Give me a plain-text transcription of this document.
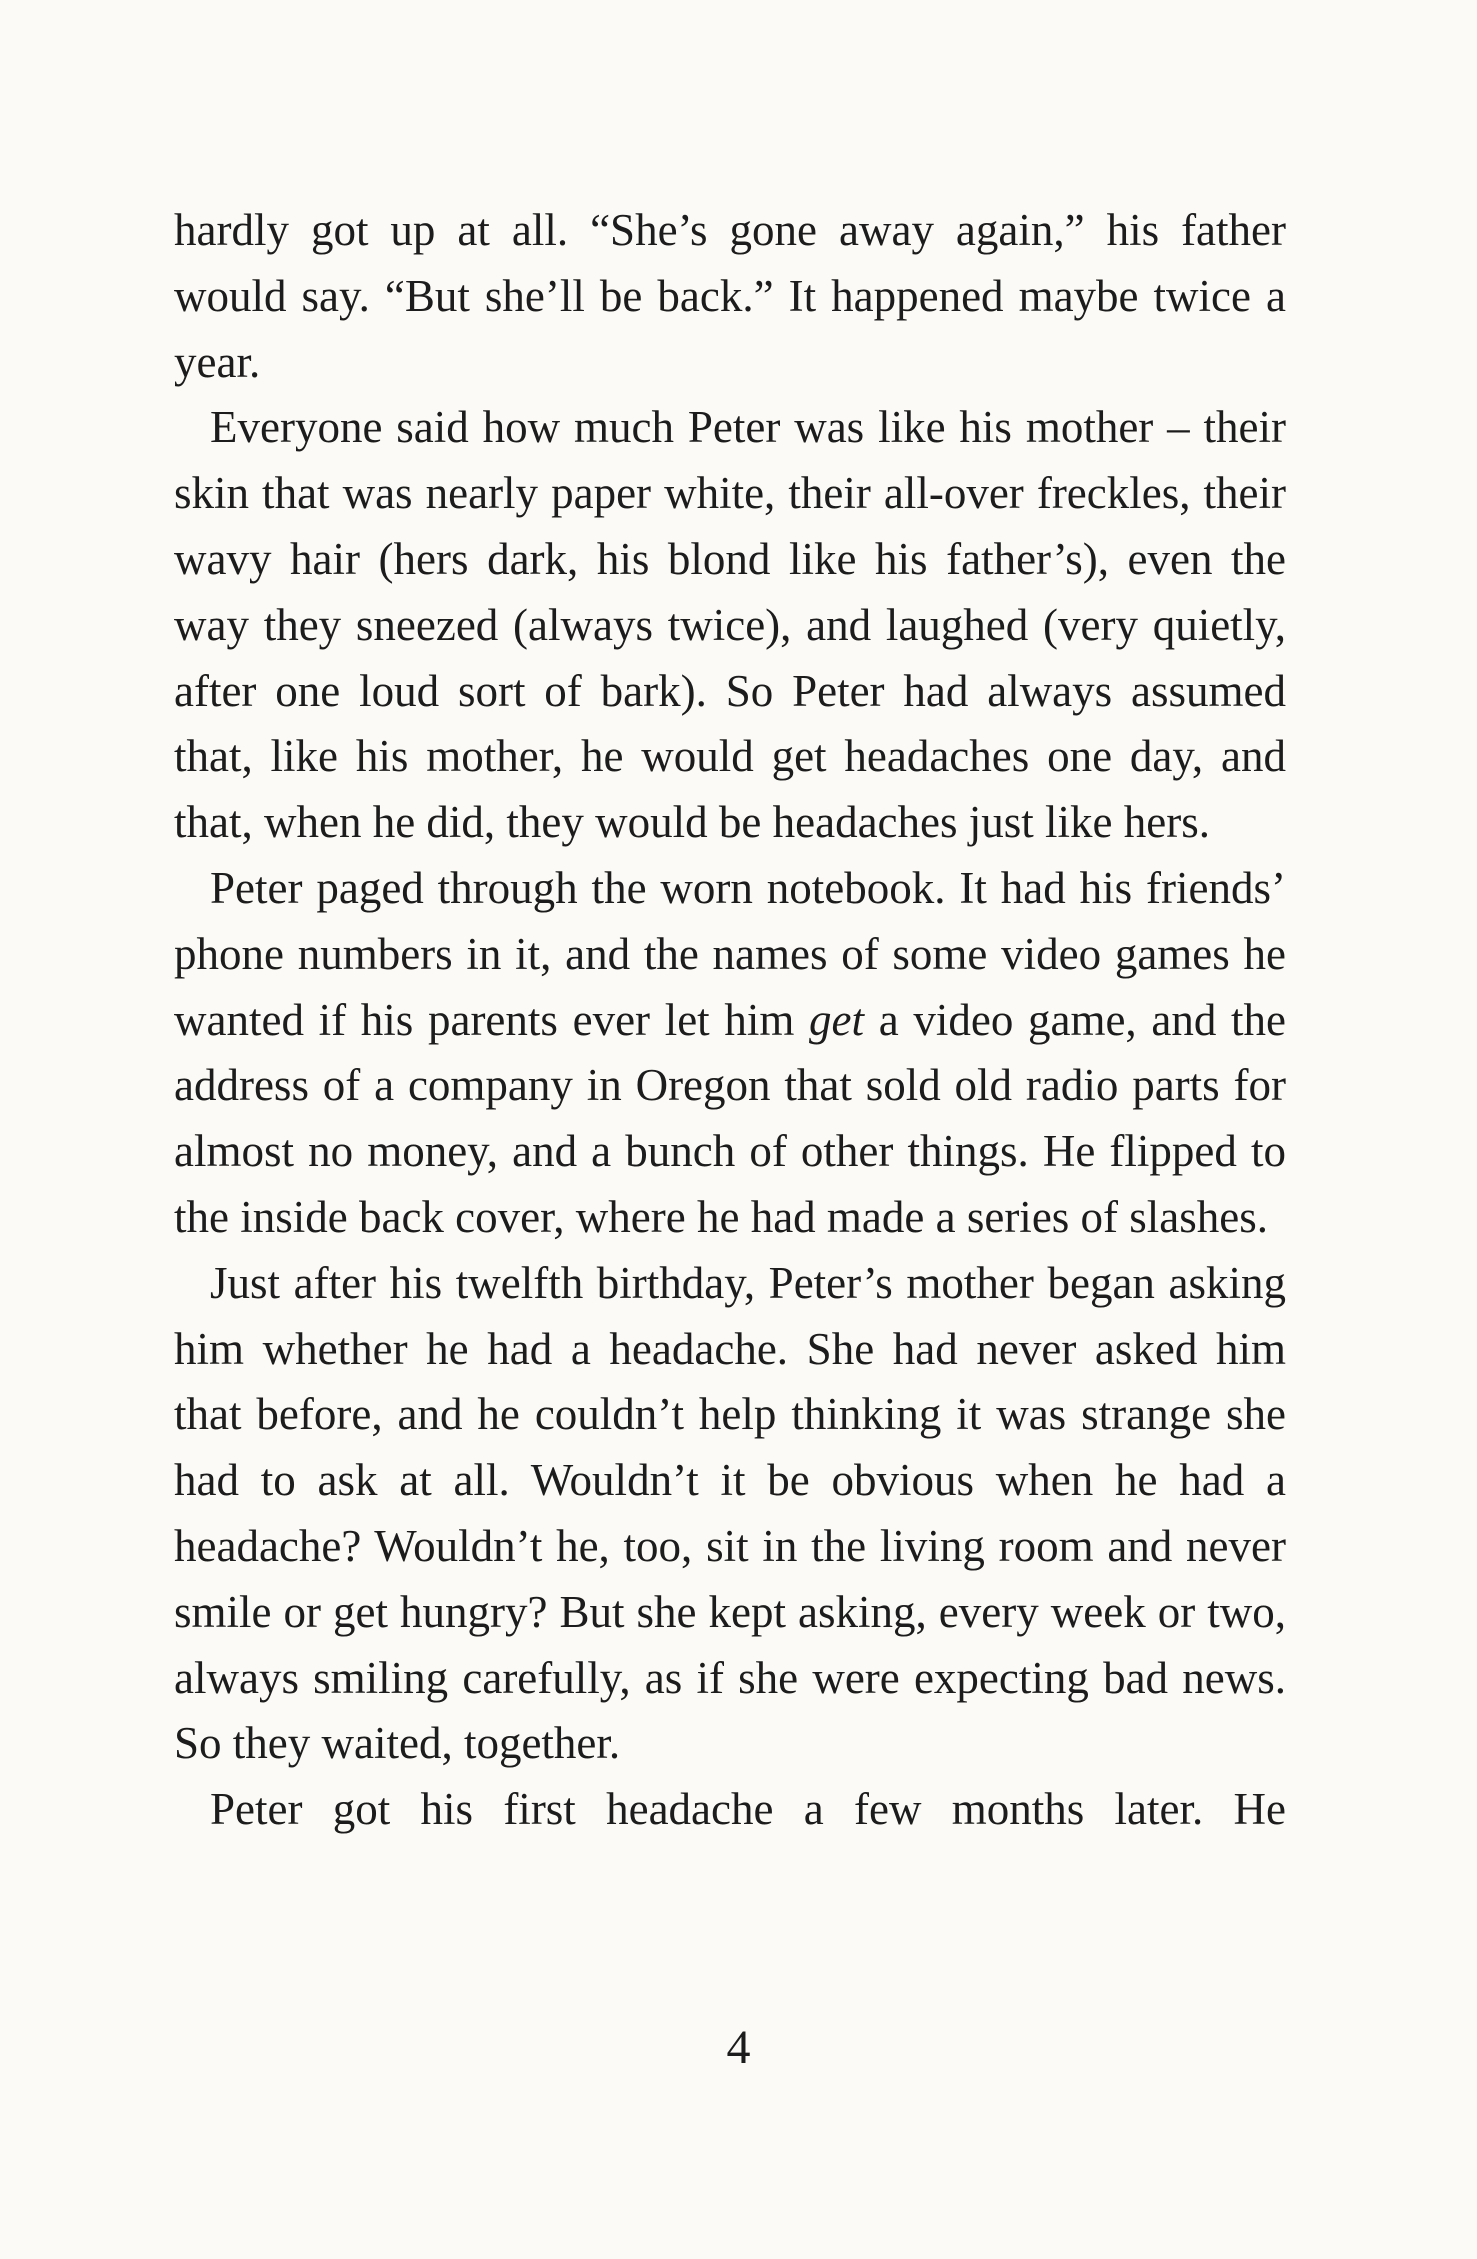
hardly got up at all. “She’s gone away again,” his father would say. “But she’ll be back.” It happened maybe twice a year.

Everyone said how much Peter was like his mother – their skin that was nearly paper white, their all-over freckles, their wavy hair (hers dark, his blond like his father’s), even the way they sneezed (always twice), and laughed (very quietly, after one loud sort of bark). So Peter had always assumed that, like his mother, he would get headaches one day, and that, when he did, they would be headaches just like hers.

Peter paged through the worn notebook. It had his friends’ phone numbers in it, and the names of some video games he wanted if his parents ever let him get a video game, and the address of a company in Oregon that sold old radio parts for almost no money, and a bunch of other things. He flipped to the inside back cover, where he had made a series of slashes.

Just after his twelfth birthday, Peter’s mother began asking him whether he had a headache. She had never asked him that before, and he couldn’t help thinking it was strange she had to ask at all. Wouldn’t it be obvious when he had a headache? Wouldn’t he, too, sit in the living room and never smile or get hungry? But she kept asking, every week or two, always smiling carefully, as if she were expecting bad news. So they waited, together.

Peter got his first headache a few months later. He

4
